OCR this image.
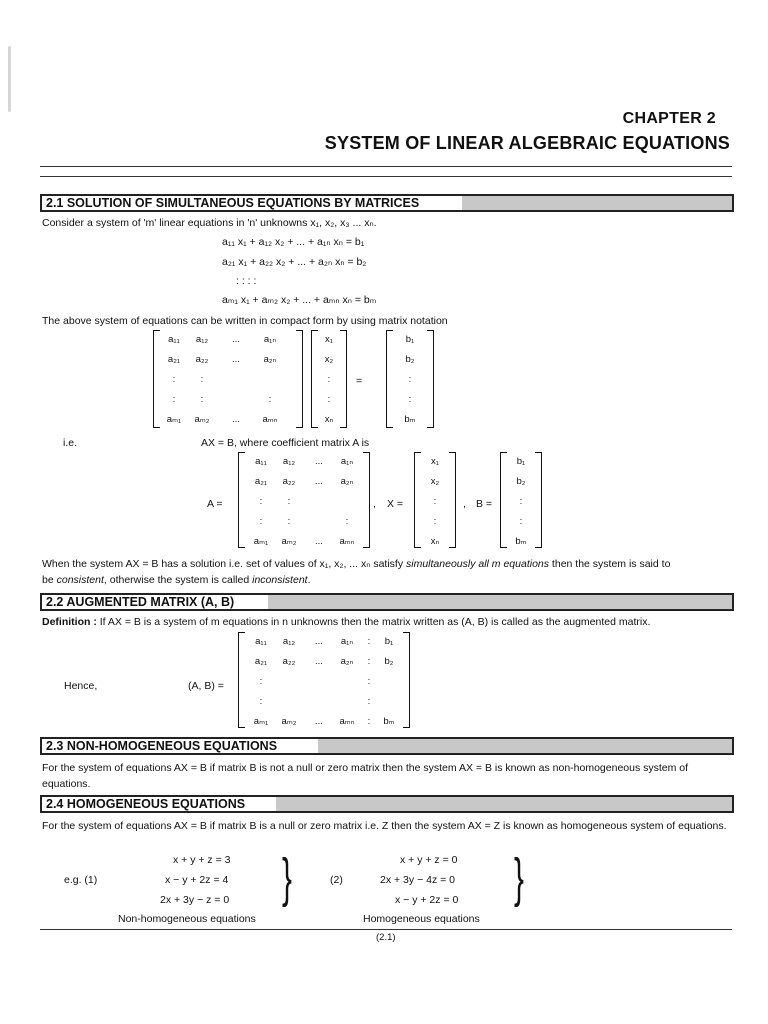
CHAPTER 2
SYSTEM OF LINEAR ALGEBRAIC EQUATIONS
2.1 SOLUTION OF SIMULTANEOUS EQUATIONS BY MATRICES
Consider a system of 'm' linear equations in 'n' unknowns x₁, x₂, x₃ ... xₙ.
a₁₁ x₁ + a₁₂ x₂ + ... + a₁ₙ xₙ = b₁
a₂₁ x₁ + a₂₂ x₂ + ... + a₂ₙ xₙ = b₂
: : : :
aₘ₁ x₁ + aₘ₂ x₂ + ... + aₘₙ xₙ = bₘ
The above system of equations can be written in compact form by using matrix notation
a₁₁	a₁₂	...	a₁ₙ
a₂₁	a₂₂	...	a₂ₙ
:	:
:	:	:
aₘ₁	aₘ₂	...	aₘₙ
x₁
x₂
:
:
xₙ
=
b₁
b₂
:
:
bₘ
i.e.	AX = B, where coefficient matrix A is
A =
a₁₁	a₁₂	...	a₁ₙ
a₂₁	a₂₂	...	a₂ₙ
:	:
:	:	:
aₘ₁	aₘ₂	...	aₘₙ
, X =
x₁
x₂
:
:
xₙ
, B =
b₁
b₂
:
:
bₘ
When the system AX = B has a solution i.e. set of values of x₁, x₂, ... xₙ satisfy simultaneously all m equations then the system is said to
be consistent, otherwise the system is called inconsistent.
2.2 AUGMENTED MATRIX (A, B)
Definition : If AX = B is a system of m equations in n unknowns then the matrix written as (A, B) is called as the augmented matrix.
Hence,	(A, B) =
a₁₁	a₁₂	...	a₁ₙ	:	b₁
a₂₁	a₂₂	...	a₂ₙ	:	b₂
:	:
:	:
aₘ₁	aₘ₂	...	aₘₙ	:	bₘ
2.3 NON-HOMOGENEOUS EQUATIONS
For the system of equations AX = B if matrix B is not a null or zero matrix then the system AX = B is known as non-homogeneous system of equations.
2.4 HOMOGENEOUS EQUATIONS
For the system of equations AX = B if matrix B is a null or zero matrix i.e. Z then the system AX = Z is known as homogeneous system of equations.
x + y + z = 3
x − y + 2z = 4
2x + 3y − z = 0
e.g. (1)	}	(2)
x + y + z = 0
2x + 3y − 4z = 0
x − y + 2z = 0 }
Non-homogeneous equations	Homogeneous equations
(2.1)
